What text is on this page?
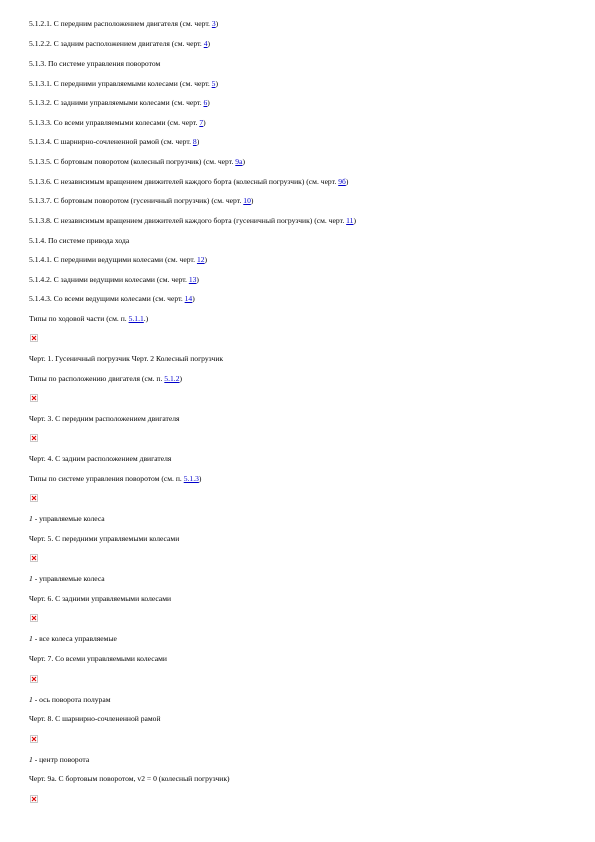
5.1.2.1. С передним расположением двигателя (см. черт. 3)
5.1.2.2. С задним расположением двигателя (см. черт. 4)
5.1.3. По системе управления поворотом
5.1.3.1. С передними управляемыми колесами (см. черт. 5)
5.1.3.2. С задними управляемыми колесами (см. черт. 6)
5.1.3.3. Со всеми управляемыми колесами (см. черт. 7)
5.1.3.4. С шарнирно-сочлененной рамой (см. черт. 8)
5.1.3.5. С бортовым поворотом (колесный погрузчик) (см. черт. 9а)
5.1.3.6. С независимым вращением движителей каждого борта (колесный погрузчик) (см. черт. 9б)
5.1.3.7. С бортовым поворотом (гусеничный погрузчик) (см. черт. 10)
5.1.3.8. С независимым вращением движителей каждого борта (гусеничный погрузчик) (см. черт. 11)
5.1.4. По системе привода хода
5.1.4.1. С передними ведущими колесами (см. черт. 12)
5.1.4.2. С задними ведущими колесами (см. черт. 13)
5.1.4.3. Со всеми ведущими колесами (см. черт. 14)
Типы по ходовой части (см. п. 5.1.1.)
Черт. 1. Гусеничный погрузчик Черт. 2 Колесный погрузчик
Типы по расположению двигателя (см. п. 5.1.2)
Черт. 3. С передним расположением двигателя
Черт. 4. С задним расположением двигателя
Типы по системе управления поворотом (см. п. 5.1.3)
1 - управляемые колеса
Черт. 5. С передними управляемыми колесами
1 - управляемые колеса
Черт. 6. С задними управляемыми колесами
1 - все колеса управляемые
Черт. 7. Со всеми управляемыми колесами
1 - ось поворота полурам
Черт. 8. С шарнирно-сочлененной рамой
1 - центр поворота
Черт. 9а. С бортовым поворотом, v2 = 0 (колесный погрузчик)
